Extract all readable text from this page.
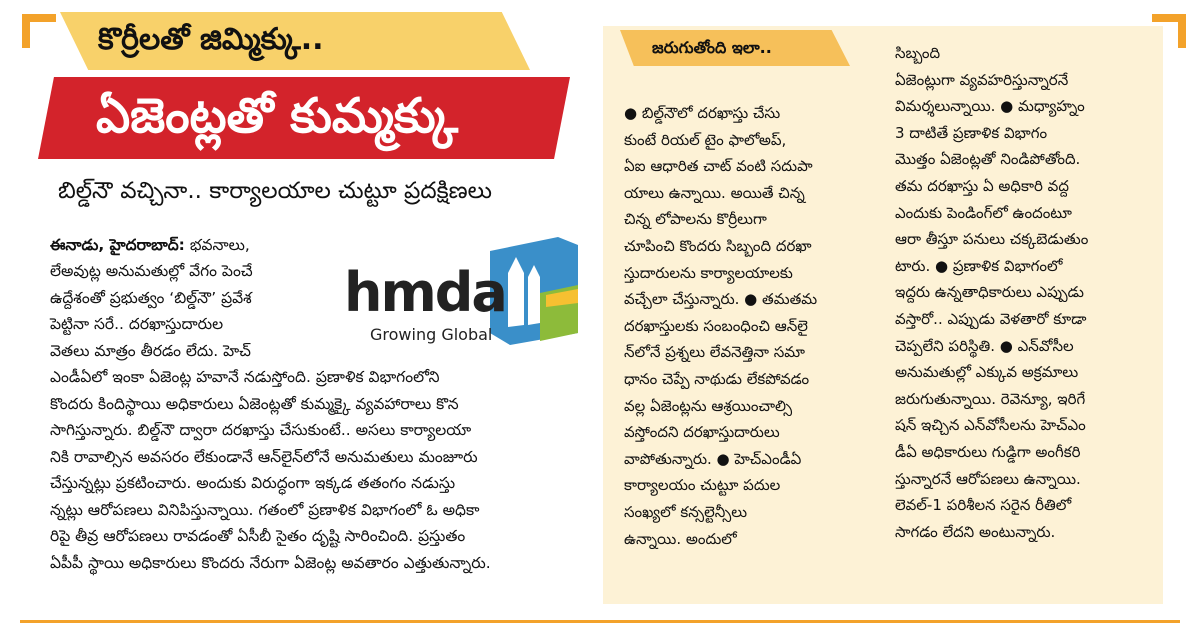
కొర్రీలతో జిమ్మిక్కు..
ఏజెంట్లతో కుమ్మక్కు
బిల్డ్‌నౌ వచ్చినా.. కార్యాలయాల చుట్టూ ప్రదక్షిణలు
ఈనాడు, హైదరాబాద్‌: భవనాలు,
లేఅవుట్ల అనుమతుల్లో వేగం పెంచే
ఉద్దేశంతో ప్రభుత్వం ‘బిల్డ్‌నౌ’ ప్రవేశ
పెట్టినా సరే.. దరఖాస్తుదారుల
వెతలు మాత్రం తీరడం లేదు. హెచ్‌
ఎండీఏలో ఇంకా ఏజెంట్ల హవానే నడుస్తోంది. ప్రణాళిక విభాగంలోని
కొందరు కిందిస్థాయి అధికారులు ఏజెంట్లతో కుమ్మక్కై వ్యవహారాలు కొన
సాగిస్తున్నారు. బిల్డ్‌నౌ ద్వారా దరఖాస్తు చేసుకుంటే.. అసలు కార్యాలయా
నికి రావాల్సిన అవసరం లేకుండానే ఆన్‌లైన్‌లోనే అనుమతులు మంజూరు
చేస్తున్నట్లు ప్రకటించారు. అందుకు విరుద్ధంగా ఇక్కడ తతంగం నడుస్తు
న్నట్లు ఆరోపణలు వినిపిస్తున్నాయి. గతంలో ప్రణాళిక విభాగంలో ఓ అధికా
రిపై తీవ్ర ఆరోపణలు రావడంతో ఏసీబీ సైతం దృష్టి సారించింది. ప్రస్తుతం
ఏపీపీ స్థాయి అధికారులు కొందరు నేరుగా ఏజెంట్ల అవతారం ఎత్తుతున్నారు.
hmda
Growing Global
జరుగుతోంది ఇలా..
● బిల్డ్‌నౌలో దరఖాస్తు చేసు
కుంటే రియల్‌ టైం ఫాలోఅప్‌,
ఏఐ ఆధారిత చాట్‌ వంటి సదుపా
యాలు ఉన్నాయి. అయితే చిన్న
చిన్న లోపాలను కొర్రీలుగా
చూపించి కొందరు సిబ్బంది దరఖా
స్తుదారులను కార్యాలయాలకు
వచ్చేలా చేస్తున్నారు. ● తమతమ
దరఖాస్తులకు సంబంధించి ఆన్‌లై
న్‌లోనే ప్రశ్నలు లేవనెత్తినా సమా
ధానం చెప్పే నాథుడు లేకపోవడం
వల్ల ఏజెంట్లను ఆశ్రయించాల్సి
వస్తోందని దరఖాస్తుదారులు
వాపోతున్నారు. ● హెచ్‌ఎండీఏ
కార్యాలయం చుట్టూ పదుల
సంఖ్యలో కన్సల్టెన్సీలు
ఉన్నాయి. అందులో
సిబ్బంది
ఏజెంట్లుగా వ్యవహరిస్తున్నారనే
విమర్శలున్నాయి. ● మధ్యాహ్నం
3 దాటితే ప్రణాళిక విభాగం
మొత్తం ఏజెంట్లతో నిండిపోతోంది.
తమ దరఖాస్తు ఏ అధికారి వద్ద
ఎందుకు పెండింగ్‌లో ఉందంటూ
ఆరా తీస్తూ పనులు చక్కబెడుతుం
టారు. ● ప్రణాళిక విభాగంలో
ఇద్దరు ఉన్నతాధికారులు ఎప్పుడు
వస్తారో.. ఎప్పుడు వెళతారో కూడా
చెప్పలేని పరిస్థితి. ● ఎన్‌వోసీల
అనుమతుల్లో ఎక్కువ అక్రమాలు
జరుగుతున్నాయి. రెవెన్యూ, ఇరిగే
షన్‌ ఇచ్చిన ఎన్‌వోసీలను హెచ్‌ఎం
డీఏ అధికారులు గుడ్డిగా అంగీకరి
స్తున్నారనే ఆరోపణలు ఉన్నాయి.
లెవల్‌-1 పరిశీలన సరైన రీతిలో
సాగడం లేదని అంటున్నారు.
